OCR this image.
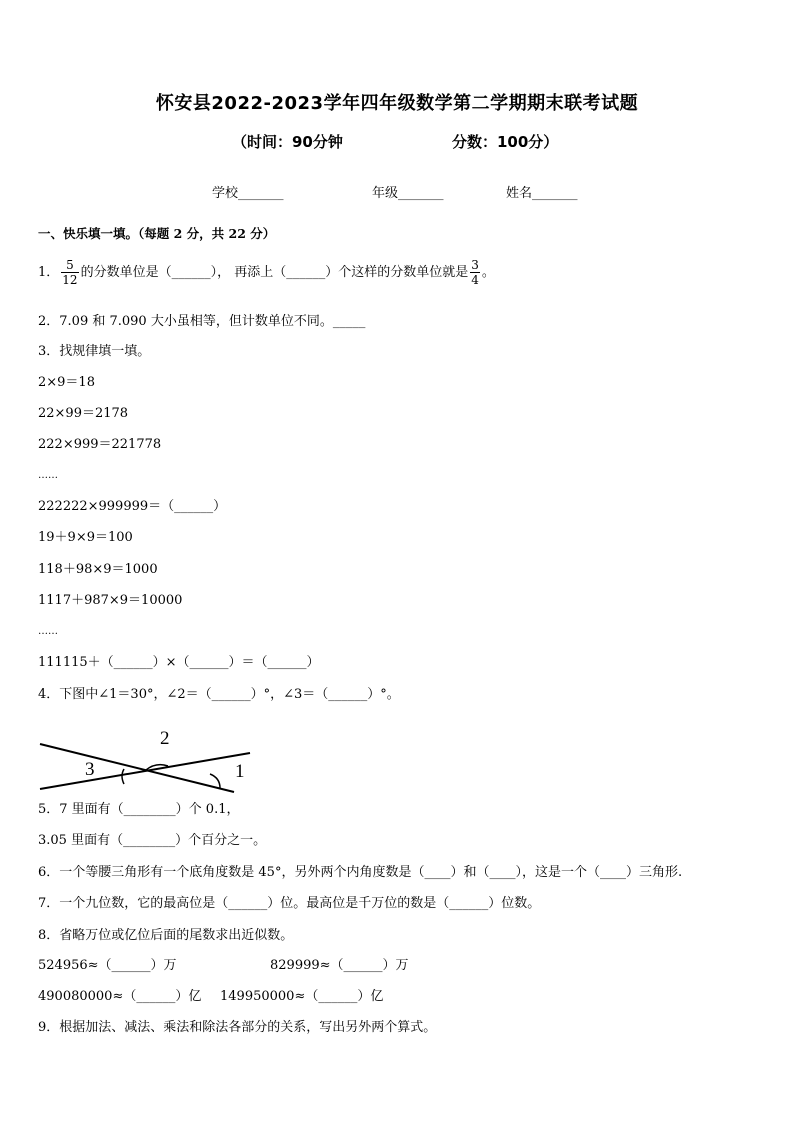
怀安县2022-2023学年四年级数学第二学期期末联考试题
（时间：90分钟	分数：100分）
学校_______	年级_______	姓名_______
一、快乐填一填。（每题 2 分，共 22 分）
1． $\frac{5}{12}$ 的分数单位是（______）， 再添上（______）个这样的分数单位就是 $\frac{3}{4}$ 。
2．7.09 和 7.090 大小虽相等，但计数单位不同。_____
3．找规律填一填。
2×9＝18
22×99＝2178
222×999＝221778
……
222222×999999＝（______）
19＋9×9＝100
118＋98×9＝1000
1117＋987×9＝10000
……
111115＋（______）×（______）＝（______）
4．下图中∠1＝30°，∠2＝（______）°，∠3＝（______）°。
2
3	1
5．7 里面有（________）个 0.1，
3.05 里面有（________）个百分之一。
6．一个等腰三角形有一个底角度数是 45°，另外两个内角度数是（____）和（____），这是一个（____）三角形.
7．一个九位数，它的最高位是（______）位。最高位是千万位的数是（______）位数。
8．省略万位或亿位后面的尾数求出近似数。
524956≈（______）万	829999≈（______）万
490080000≈（______）亿 149950000≈（______）亿
9．根据加法、减法、乘法和除法各部分的关系，写出另外两个算式。
